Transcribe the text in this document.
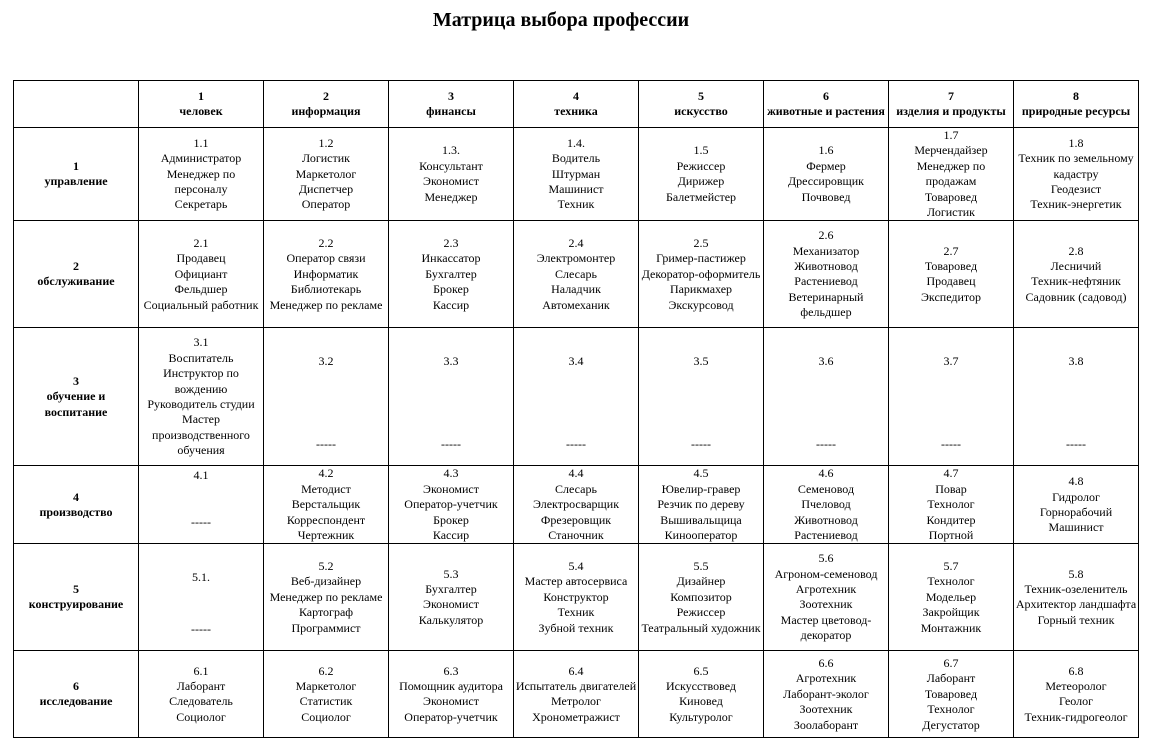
Матрица выбора профессии

	1
человек	2
информация	3
финансы	4
техника	5
искусство	6
животные и растения	7
изделия и продукты	8
природные ресурсы

1
управление	1.1
Администратор
Менеджер по персоналу
Секретарь	1.2
Логистик
Маркетолог
Диспетчер
Оператор	1.3.
Консультант
Экономист
Менеджер	1.4.
Водитель
Штурман
Машинист
Техник	1.5
Режиссер
Дирижер
Балетмейстер	1.6
Фермер
Дрессировщик
Почвовед	1.7
Мерчендайзер
Менеджер по продажам
Товаровед
Логистик	1.8
Техник по земельному кадастру
Геодезист
Техник-энергетик

2
обслуживание	2.1
Продавец
Официант
Фельдшер
Социальный работник	2.2
Оператор связи
Информатик
Библиотекарь
Менеджер по рекламе	2.3
Инкассатор
Бухгалтер
Брокер
Кассир	2.4
Электромонтер
Слесарь
Наладчик
Автомеханик	2.5
Гример-пастижер
Декоратор-оформитель
Парикмахер
Экскурсовод	2.6
Механизатор
Животновод
Растениевод
Ветеринарный фельдшер	2.7
Товаровед
Продавец
Экспедитор	2.8
Лесничий
Техник-нефтяник
Садовник (садовод)

3
обучение и воспитание	3.1
Воспитатель
Инструктор по вождению
Руководитель студии
Мастер производственного обучения	3.2
-----	3.3
-----	3.4
-----	3.5
-----	3.6
-----	3.7
-----	3.8
-----

4
производство	4.1
-----	4.2
Методист
Верстальщик
Корреспондент
Чертежник	4.3
Экономист
Оператор-учетчик
Брокер
Кассир	4.4
Слесарь
Электросварщик
Фрезеровщик
Станочник	4.5
Ювелир-гравер
Резчик по дереву
Вышивальщица
Кинооператор	4.6
Семеновод
Пчеловод
Животновод
Растениевод	4.7
Повар
Технолог
Кондитер
Портной	4.8
Гидролог
Горнорабочий
Машинист

5
конструирование	5.1.
-----	5.2
Веб-дизайнер
Менеджер по рекламе
Картограф
Программист	5.3
Бухгалтер
Экономист
Калькулятор	5.4
Мастер автосервиса
Конструктор
Техник
Зубной техник	5.5
Дизайнер
Композитор
Режиссер
Театральный художник	5.6
Агроном-семеновод
Агротехник
Зоотехник
Мастер цветовод-декоратор	5.7
Технолог
Модельер
Закройщик
Монтажник	5.8
Техник-озеленитель
Архитектор ландшафта
Горный техник

6
исследование	6.1
Лаборант
Следователь
Социолог	6.2
Маркетолог
Статистик
Социолог	6.3
Помощник аудитора
Экономист
Оператор-учетчик	6.4
Испытатель двигателей
Метролог
Хронометражист	6.5
Искусствовед
Киновед
Культуролог	6.6
Агротехник
Лаборант-эколог
Зоотехник
Зоолаборант	6.7
Лаборант
Товаровед
Технолог
Дегустатор	6.8
Метеоролог
Геолог
Техник-гидрогеолог
